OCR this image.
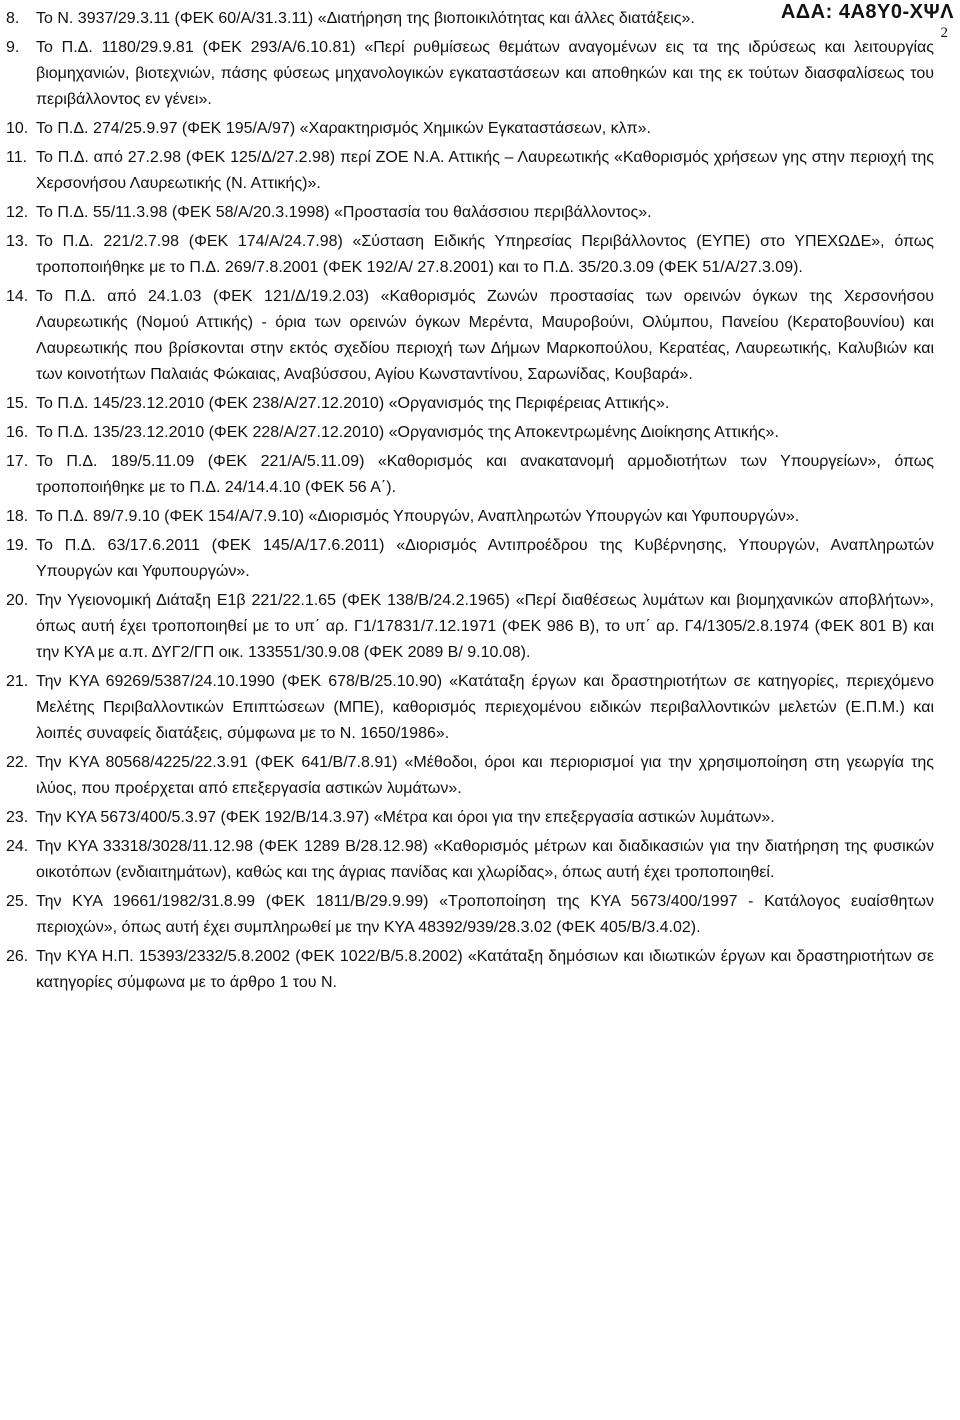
ΑΔΑ: 4Α8Υ0-ΧΨΛ
2
8.	Το Ν. 3937/29.3.11 (ΦΕΚ 60/Α/31.3.11) «Διατήρηση της βιοποικιλότητας και άλλες διατάξεις».
9.	Το Π.Δ. 1180/29.9.81 (ΦΕΚ 293/Α/6.10.81) «Περί ρυθμίσεως θεμάτων αναγομένων εις τα της ιδρύσεως και λειτουργίας βιομηχανιών, βιοτεχνιών, πάσης φύσεως μηχανολογικών εγκαταστάσεων και αποθηκών και της εκ τούτων διασφαλίσεως του περιβάλλοντος εν γένει».
10. Το Π.Δ. 274/25.9.97 (ΦΕΚ 195/Α/97) «Χαρακτηρισμός Χημικών Εγκαταστάσεων, κλπ».
11. Το Π.Δ. από 27.2.98 (ΦΕΚ 125/Δ/27.2.98) περί ΖΟΕ Ν.Α. Αττικής – Λαυρεωτικής «Καθορισμός χρήσεων γης στην περιοχή της Χερσονήσου Λαυρεωτικής (Ν. Αττικής)».
12. Το Π.Δ. 55/11.3.98 (ΦΕΚ 58/Α/20.3.1998) «Προστασία του θαλάσσιου περιβάλλοντος».
13. Το Π.Δ. 221/2.7.98 (ΦΕΚ 174/Α/24.7.98) «Σύσταση Ειδικής Υπηρεσίας Περιβάλλοντος (ΕΥΠΕ) στο ΥΠΕΧΩΔΕ», όπως τροποποιήθηκε με το Π.Δ. 269/7.8.2001 (ΦΕΚ 192/Α/ 27.8.2001) και το Π.Δ. 35/20.3.09 (ΦΕΚ 51/Α/27.3.09).
14. Το Π.Δ. από 24.1.03 (ΦΕΚ 121/Δ/19.2.03) «Καθορισμός Ζωνών προστασίας των ορεινών όγκων της Χερσονήσου Λαυρεωτικής (Νομού Αττικής) - όρια των ορεινών όγκων Μερέντα, Μαυροβούνι, Ολύμπου, Πανείου (Κερατοβουνίου) και Λαυρεωτικής που βρίσκονται στην εκτός σχεδίου περιοχή των Δήμων Μαρκοπούλου, Κερατέας, Λαυρεωτικής, Καλυβιών και των κοινοτήτων Παλαιάς Φώκαιας, Αναβύσσου, Αγίου Κωνσταντίνου, Σαρωνίδας, Κουβαρά».
15. Το Π.Δ. 145/23.12.2010 (ΦΕΚ 238/Α/27.12.2010) «Οργανισμός της Περιφέρειας Αττικής».
16. Το Π.Δ. 135/23.12.2010 (ΦΕΚ 228/Α/27.12.2010) «Οργανισμός της Αποκεντρωμένης Διοίκησης Αττικής».
17. Το Π.Δ. 189/5.11.09 (ΦΕΚ 221/Α/5.11.09) «Καθορισμός και ανακατανομή αρμοδιοτήτων των Υπουργείων», όπως τροποποιήθηκε με το Π.Δ. 24/14.4.10 (ΦΕΚ 56 Α΄).
18. Το Π.Δ. 89/7.9.10 (ΦΕΚ 154/Α/7.9.10) «Διορισμός Υπουργών, Αναπληρωτών Υπουργών και Υφυπουργών».
19. Το Π.Δ. 63/17.6.2011 (ΦΕΚ 145/Α/17.6.2011) «Διορισμός Αντιπροέδρου της Κυβέρνησης, Υπουργών, Αναπληρωτών Υπουργών και Υφυπουργών».
20. Την Υγειονομική Διάταξη Ε1β 221/22.1.65 (ΦΕΚ 138/Β/24.2.1965) «Περί διαθέσεως λυμάτων και βιομηχανικών αποβλήτων», όπως αυτή έχει τροποποιηθεί με το υπ΄ αρ. Γ1/17831/7.12.1971 (ΦΕΚ 986 Β), το υπ΄ αρ. Γ4/1305/2.8.1974 (ΦΕΚ 801 Β) και την ΚΥΑ με α.π. ΔΥΓ2/ΓΠ οικ. 133551/30.9.08 (ΦΕΚ 2089 Β/ 9.10.08).
21. Την ΚΥΑ 69269/5387/24.10.1990 (ΦΕΚ 678/Β/25.10.90) «Κατάταξη έργων και δραστηριοτήτων σε κατηγορίες, περιεχόμενο Μελέτης Περιβαλλοντικών Επιπτώσεων (ΜΠΕ), καθορισμός περιεχομένου ειδικών περιβαλλοντικών μελετών (Ε.Π.Μ.) και λοιπές συναφείς διατάξεις, σύμφωνα με το Ν. 1650/1986».
22. Την ΚΥΑ 80568/4225/22.3.91 (ΦΕΚ 641/Β/7.8.91) «Μέθοδοι, όροι και περιορισμοί για την χρησιμοποίηση στη γεωργία της ιλύος, που προέρχεται από επεξεργασία αστικών λυμάτων».
23. Την ΚΥΑ 5673/400/5.3.97 (ΦΕΚ 192/Β/14.3.97) «Μέτρα και όροι για την επεξεργασία αστικών λυμάτων».
24. Την ΚΥΑ 33318/3028/11.12.98 (ΦΕΚ 1289 Β/28.12.98) «Καθορισμός μέτρων και διαδικασιών για την διατήρηση της φυσικών οικοτόπων (ενδιαιτημάτων), καθώς και της άγριας πανίδας και χλωρίδας», όπως αυτή έχει τροποποιηθεί.
25. Την ΚΥΑ 19661/1982/31.8.99 (ΦΕΚ 1811/Β/29.9.99) «Τροποποίηση της ΚΥΑ 5673/400/1997 - Κατάλογος ευαίσθητων περιοχών», όπως αυτή έχει συμπληρωθεί με την ΚΥΑ 48392/939/28.3.02 (ΦΕΚ 405/Β/3.4.02).
26. Την ΚΥΑ Η.Π. 15393/2332/5.8.2002 (ΦΕΚ 1022/Β/5.8.2002) «Κατάταξη δημόσιων και ιδιωτικών έργων και δραστηριοτήτων σε κατηγορίες σύμφωνα με το άρθρο 1 του Ν.
